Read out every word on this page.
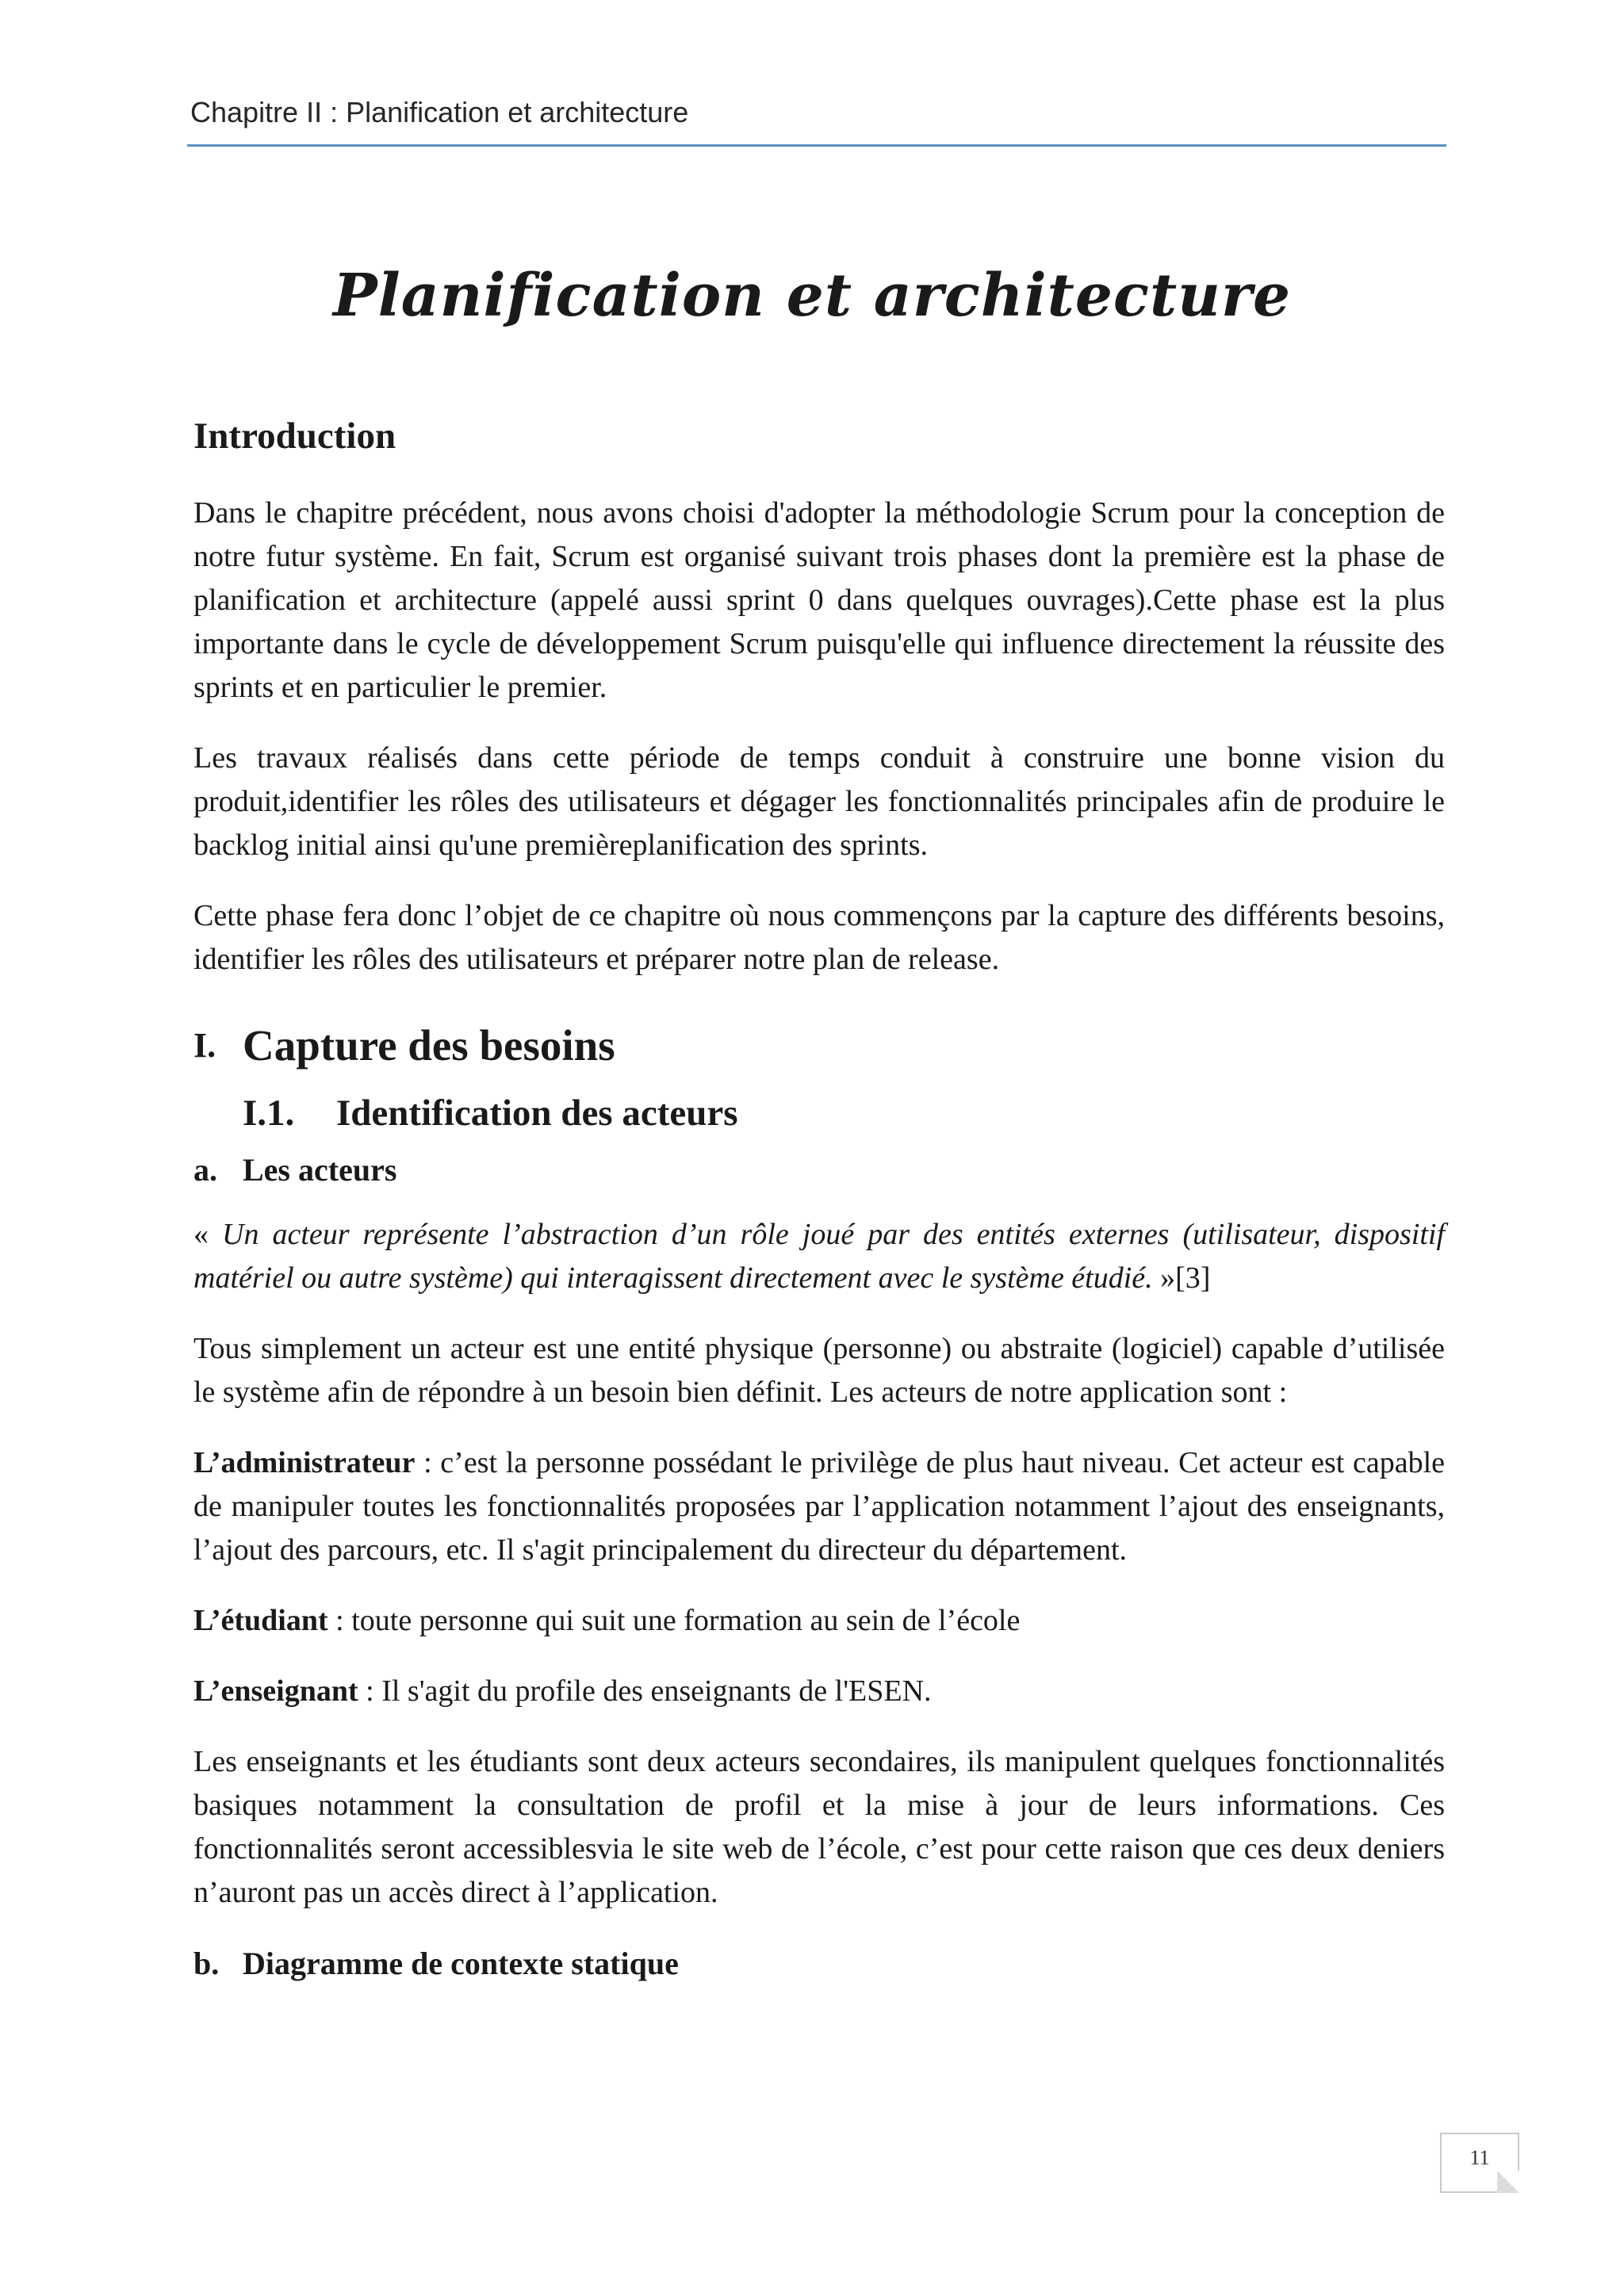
Chapitre II : Planification et architecture
Planification et architecture
Introduction

Dans le chapitre précédent, nous avons choisi d'adopter la méthodologie Scrum pour la conception de notre futur système. En fait, Scrum est organisé suivant trois phases dont la première est la phase de planification et architecture (appelé aussi sprint 0 dans quelques ouvrages).Cette phase est la plus importante dans le cycle de développement Scrum puisqu'elle qui influence directement la réussite des sprints et en particulier le premier.

Les travaux réalisés dans cette période de temps conduit à construire une bonne vision du produit,identifier les rôles des utilisateurs et dégager les fonctionnalités principales afin de produire le backlog initial ainsi qu'une premièreplanification des sprints.

Cette phase fera donc l’objet de ce chapitre où nous commençons par la capture des différents besoins, identifier les rôles des utilisateurs et préparer notre plan de release.

I. Capture des besoins
I.1.	Identification des acteurs
a. Les acteurs

« Un acteur représente l’abstraction d’un rôle joué par des entités externes (utilisateur, dispositif matériel ou autre système) qui interagissent directement avec le système étudié. »[3]

Tous simplement un acteur est une entité physique (personne) ou abstraite (logiciel) capable d’utilisée le système afin de répondre à un besoin bien définit. Les acteurs de notre application sont :

L’administrateur : c’est la personne possédant le privilège de plus haut niveau. Cet acteur est capable de manipuler toutes les fonctionnalités proposées par l’application notamment l’ajout des enseignants, l’ajout des parcours, etc. Il s'agit principalement du directeur du département.

L’étudiant : toute personne qui suit une formation au sein de l’école

L’enseignant : Il s'agit du profile des enseignants de l'ESEN.

Les enseignants et les étudiants sont deux acteurs secondaires, ils manipulent quelques fonctionnalités basiques notamment la consultation de profil et la mise à jour de leurs informations. Ces fonctionnalités seront accessiblesvia le site web de l’école, c’est pour cette raison que ces deux deniers n’auront pas un accès direct à l’application.

b. Diagramme de contexte statique
11
